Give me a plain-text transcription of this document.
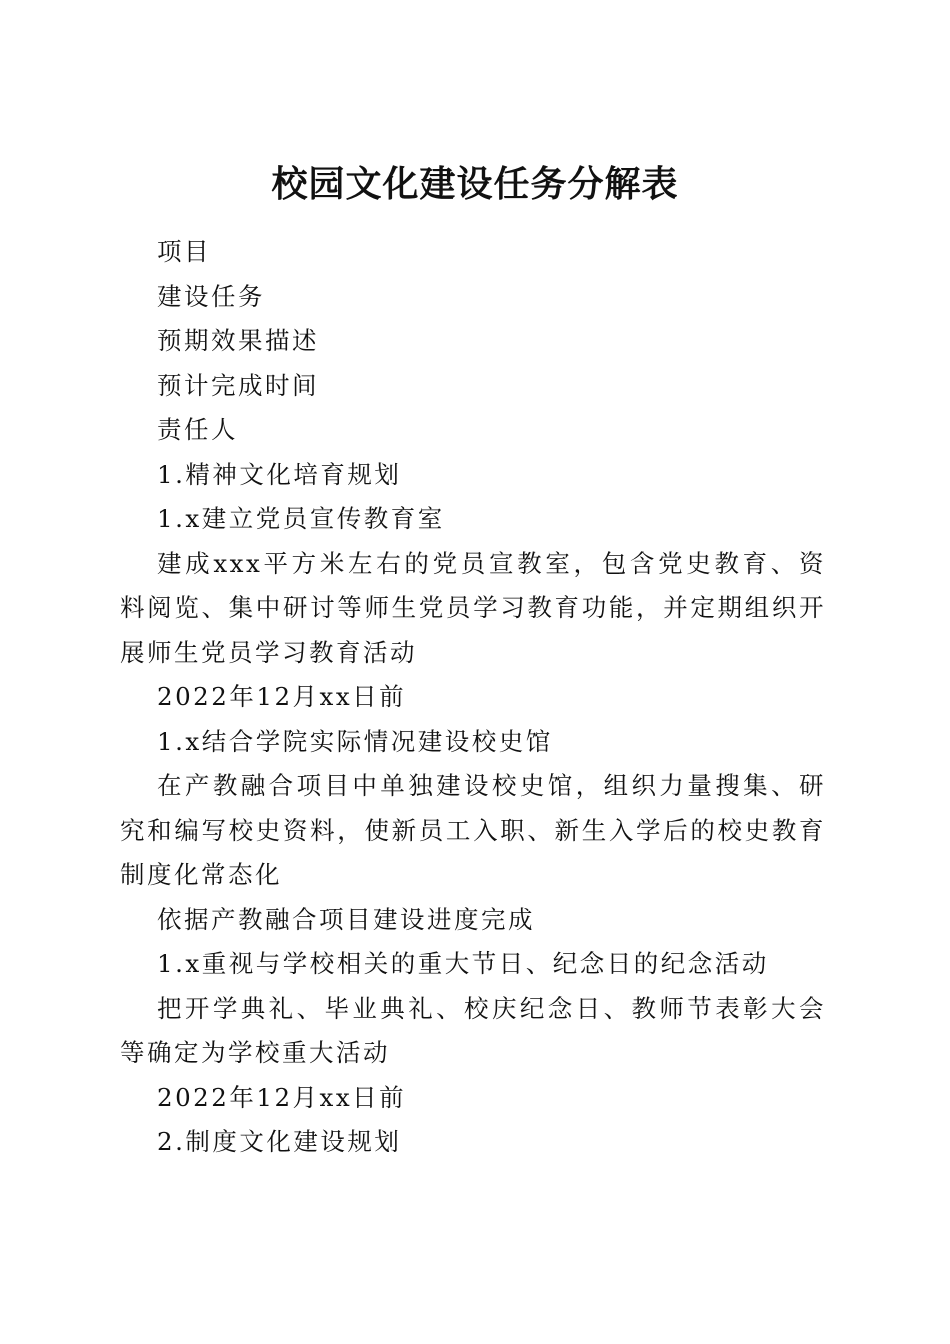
校园文化建设任务分解表

项目

建设任务

预期效果描述

预计完成时间

责任人

1.精神文化培育规划

1.x建立党员宣传教育室

建成xxx平方米左右的党员宣教室，包含党史教育、资料阅览、集中研讨等师生党员学习教育功能，并定期组织开展师生党员学习教育活动

2022年12月xx日前

1.x结合学院实际情况建设校史馆

在产教融合项目中单独建设校史馆，组织力量搜集、研究和编写校史资料，使新员工入职、新生入学后的校史教育制度化常态化

依据产教融合项目建设进度完成

1.x重视与学校相关的重大节日、纪念日的纪念活动

把开学典礼、毕业典礼、校庆纪念日、教师节表彰大会等确定为学校重大活动

2022年12月xx日前

2.制度文化建设规划
